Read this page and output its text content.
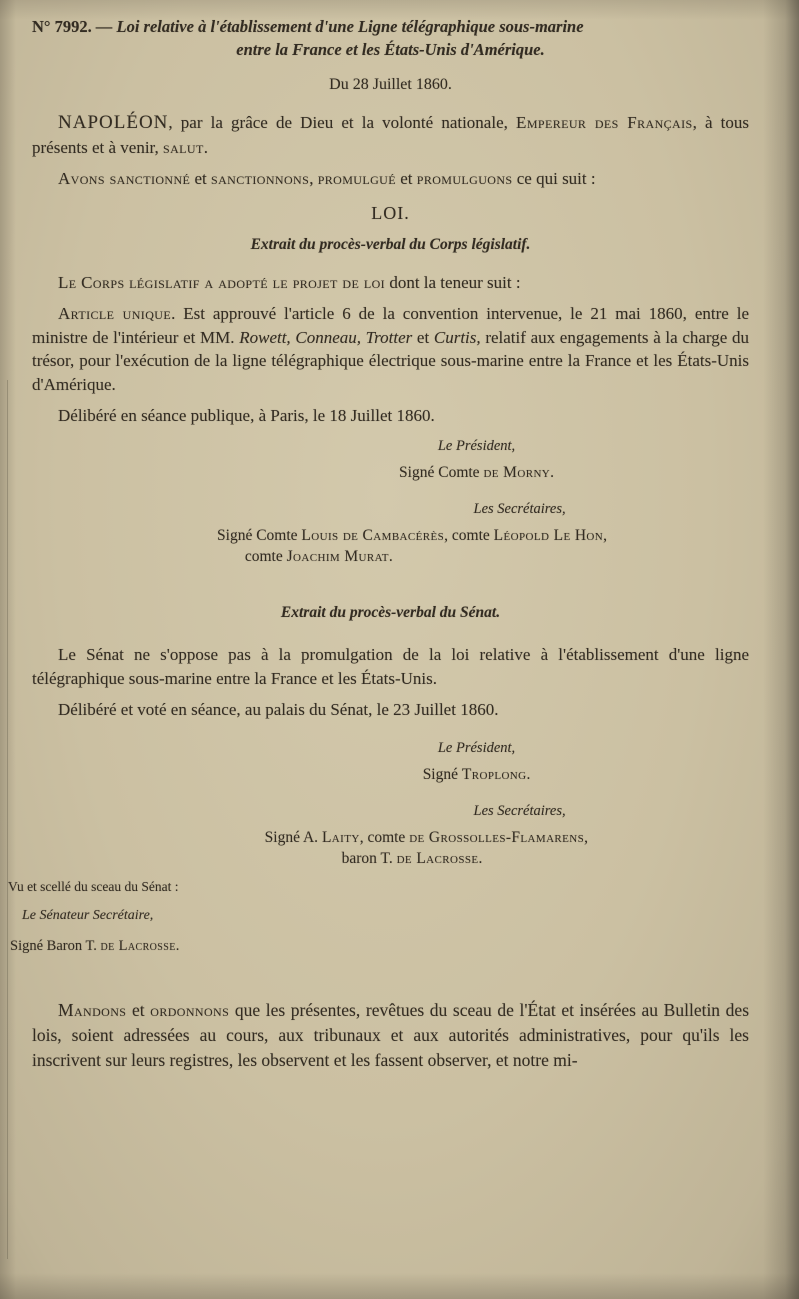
N° 7992. — Loi relative à l'établissement d'une Ligne télégraphique sous-marine
entre la France et les États-Unis d'Amérique.
Du 28 Juillet 1860.

NAPOLÉON, par la grâce de Dieu et la volonté nationale, Empereur des Français, à tous présents et à venir, salut.

Avons sanctionné et sanctionnons, promulgué et promulguons ce qui suit :

LOI.
Extrait du procès-verbal du Corps législatif.

Le Corps législatif a adopté le projet de loi dont la teneur suit :

Article unique. Est approuvé l'article 6 de la convention intervenue, le 21 mai 1860, entre le ministre de l'intérieur et MM. Rowett, Conneau, Trotter et Curtis, relatif aux engagements à la charge du trésor, pour l'exécution de la ligne télégraphique électrique sous-marine entre la France et les États-Unis d'Amérique.

Délibéré en séance publique, à Paris, le 18 Juillet 1860.

Le Président,
Signé Comte de Morny.
Les Secrétaires,
Signé Comte Louis de Cambacérès, comte Léopold Le Hon,
comte Joachim Murat.
Extrait du procès-verbal du Sénat.

Le Sénat ne s'oppose pas à la promulgation de la loi relative à l'établissement d'une ligne télégraphique sous-marine entre la France et les États-Unis.

Délibéré et voté en séance, au palais du Sénat, le 23 Juillet 1860.

Le Président,
Signé Troplong.
Les Secrétaires,
Signé A. Laity, comte de Grossolles-Flamarens,
baron T. de Lacrosse.
Vu et scellé du sceau du Sénat :
Le Sénateur Secrétaire,
Signé Baron T. de Lacrosse.

Mandons et ordonnons que les présentes, revêtues du sceau de l'État et insérées au Bulletin des lois, soient adressées au cours, aux tribunaux et aux autorités administratives, pour qu'ils les inscrivent sur leurs registres, les observent et les fassent observer, et notre mi-
